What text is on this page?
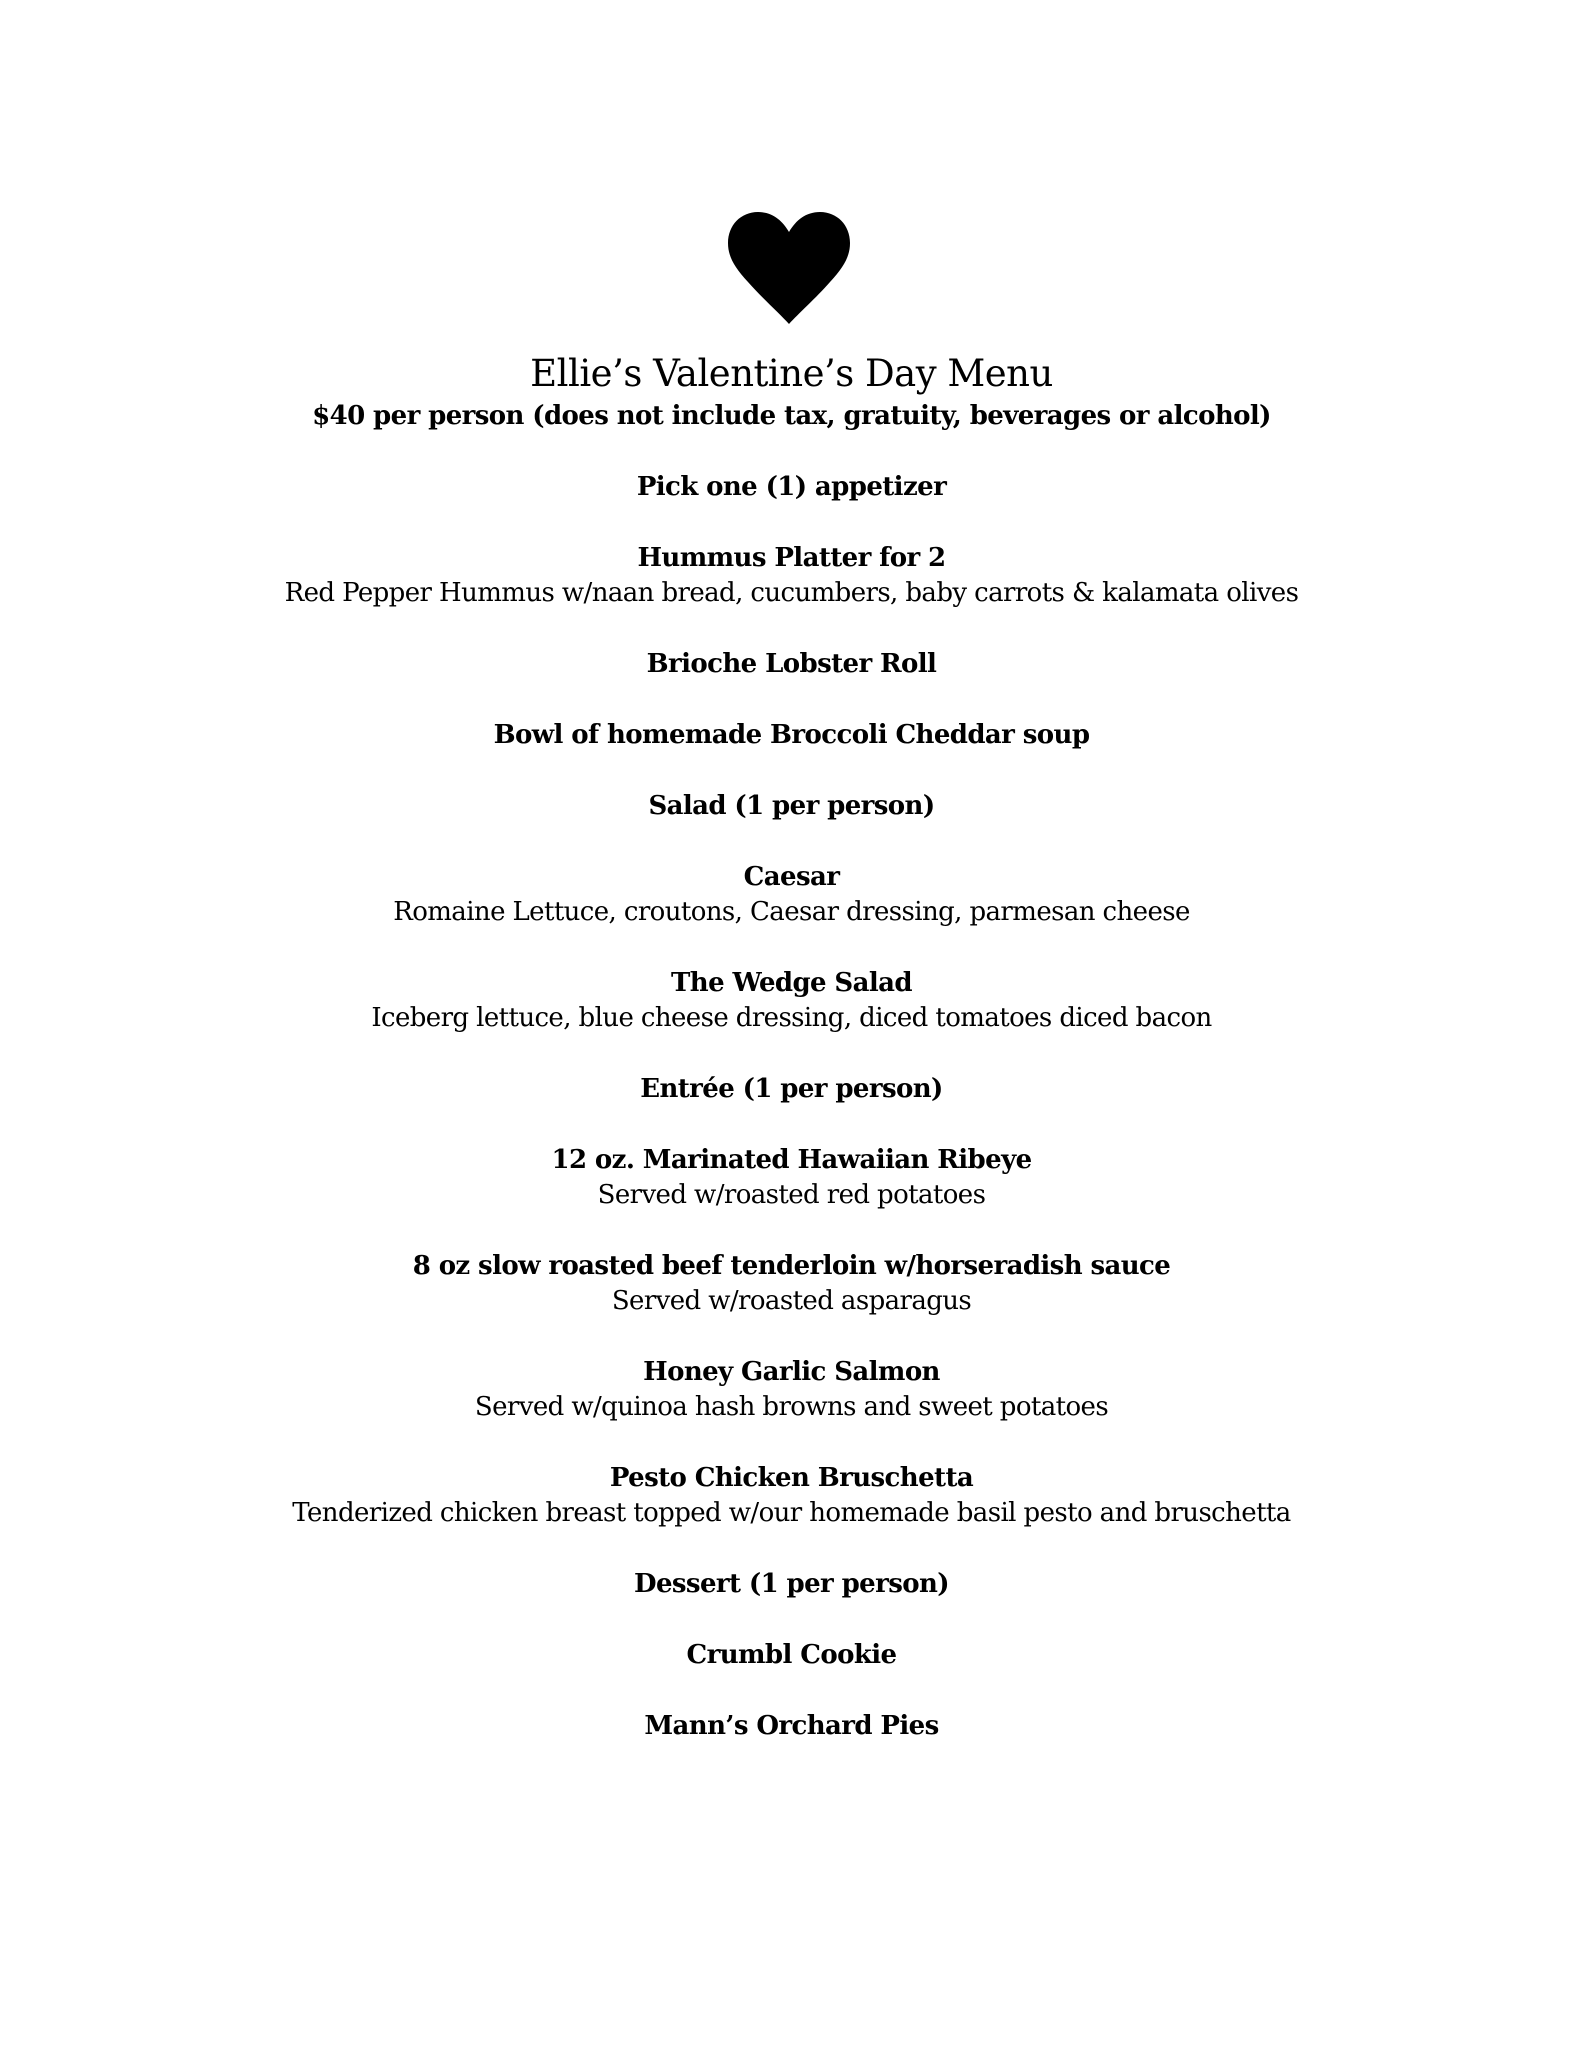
Ellie’s Valentine’s Day Menu
$40 per person (does not include tax, gratuity, beverages or alcohol)
Pick one (1) appetizer
Hummus Platter for 2
Red Pepper Hummus w/naan bread, cucumbers, baby carrots & kalamata olives
Brioche Lobster Roll
Bowl of homemade Broccoli Cheddar soup
Salad (1 per person)
Caesar
Romaine Lettuce, croutons, Caesar dressing, parmesan cheese
The Wedge Salad
Iceberg lettuce, blue cheese dressing, diced tomatoes diced bacon
Entrée (1 per person)
12 oz. Marinated Hawaiian Ribeye
Served w/roasted red potatoes
8 oz slow roasted beef tenderloin w/horseradish sauce
Served w/roasted asparagus
Honey Garlic Salmon
Served w/quinoa hash browns and sweet potatoes
Pesto Chicken Bruschetta
Tenderized chicken breast topped w/our homemade basil pesto and bruschetta
Dessert (1 per person)
Crumbl Cookie
Mann’s Orchard Pies
